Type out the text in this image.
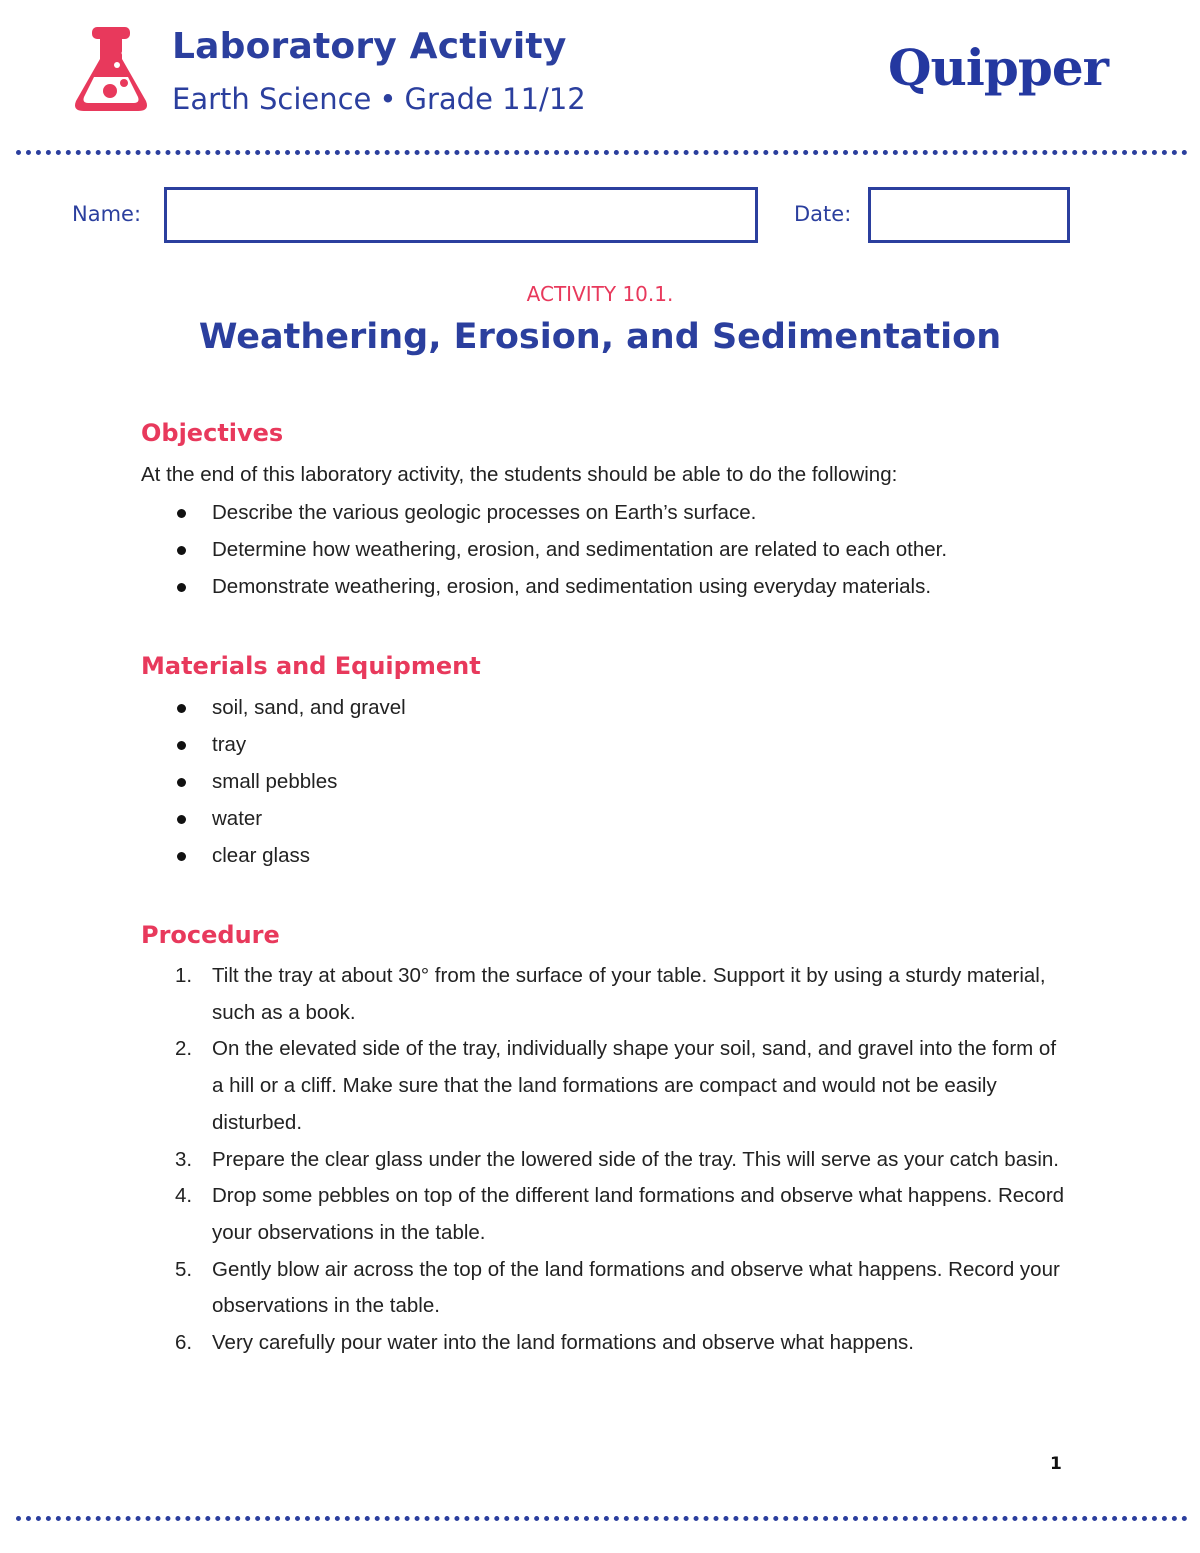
Laboratory Activity
Earth Science • Grade 11/12
Quipper
Name:	Date:
ACTIVITY 10.1.
Weathering, Erosion, and Sedimentation
Objectives
At the end of this laboratory activity, the students should be able to do the following:
Describe the various geologic processes on Earth’s surface.
Determine how weathering, erosion, and sedimentation are related to each other.
Demonstrate weathering, erosion, and sedimentation using everyday materials.
Materials and Equipment
soil, sand, and gravel
tray
small pebbles
water
clear glass
Procedure
1. Tilt the tray at about 30° from the surface of your table. Support it by using a sturdy material, such as a book.
2. On the elevated side of the tray, individually shape your soil, sand, and gravel into the form of a hill or a cliff. Make sure that the land formations are compact and would not be easily disturbed.
3. Prepare the clear glass under the lowered side of the tray. This will serve as your catch basin.
4. Drop some pebbles on top of the different land formations and observe what happens. Record your observations in the table.
5. Gently blow air across the top of the land formations and observe what happens. Record your observations in the table.
6. Very carefully pour water into the land formations and observe what happens.
1
